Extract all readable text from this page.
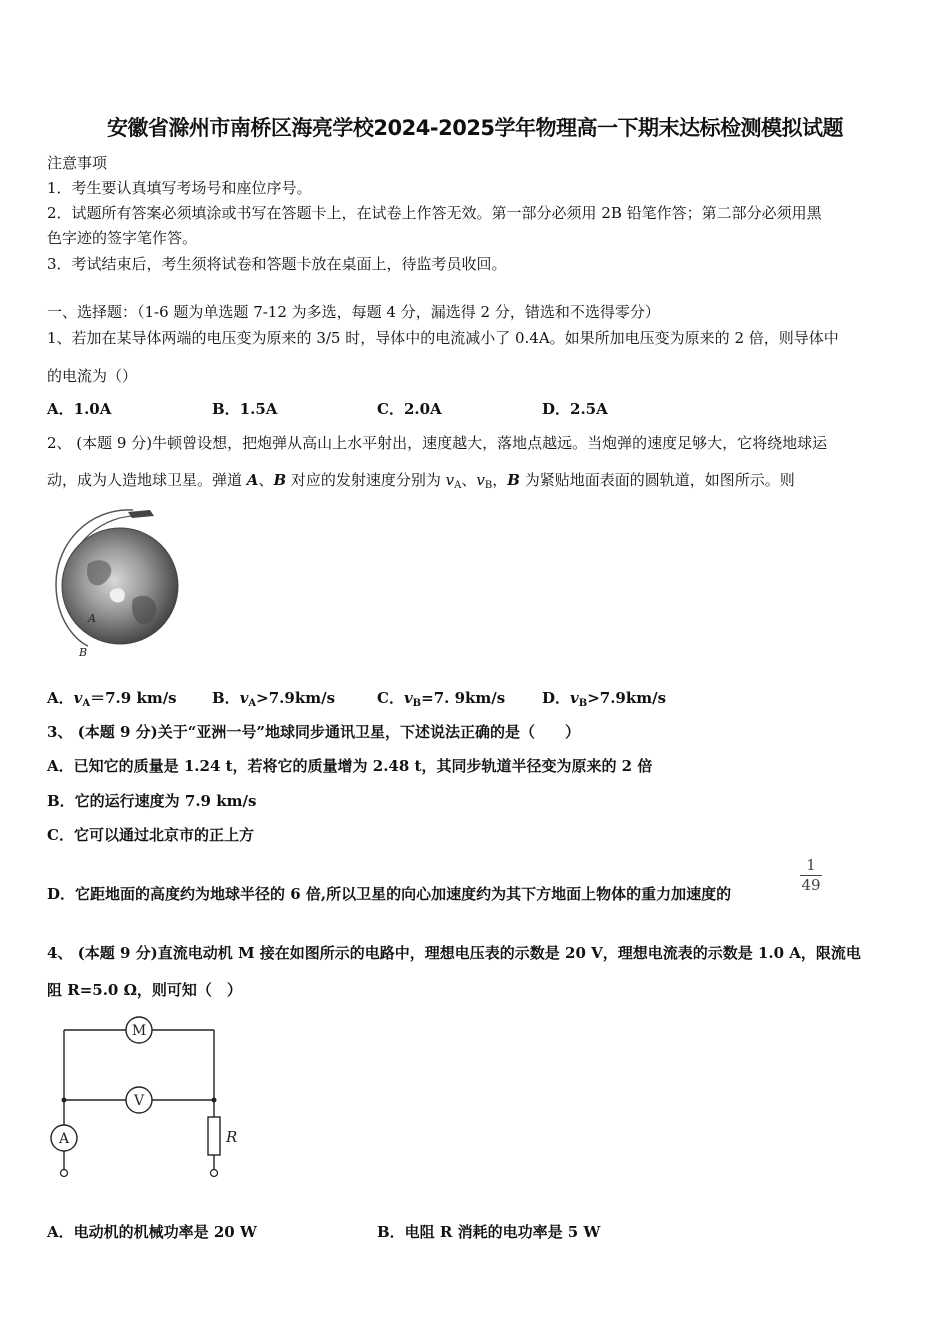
安徽省滁州市南桥区海亮学校2024-2025学年物理高一下期末达标检测模拟试题
注意事项
1．考生要认真填写考场号和座位序号。
2．试题所有答案必须填涂或书写在答题卡上，在试卷上作答无效。第一部分必须用 2B 铅笔作答；第二部分必须用黑
色字迹的签字笔作答。
3．考试结束后，考生须将试卷和答题卡放在桌面上，待监考员收回。
一、选择题：（1-6 题为单选题 7-12 为多选，每题 4 分，漏选得 2 分，错选和不选得零分）
1、若加在某导体两端的电压变为原来的 3/5 时，导体中的电流减小了 0.4A。如果所加电压变为原来的 2 倍，则导体中
的电流为（）
A．1.0A	B．1.5A	C．2.0A	D．2.5A
2、 (本题 9 分)牛顿曾设想，把炮弹从高山上水平射出，速度越大，落地点越远。当炮弹的速度足够大，它将绕地球运
动，成为人造地球卫星。弹道 A、B 对应的发射速度分别为 $v_A$、$v_B$，B 为紧贴地面表面的圆轨道，如图所示。则
A
B
A．$v_A=7.9$ km/s B．$v_A>7.9km/s$	C．$v_B=7$. 9km/s D．$v_B>7.9km/s$
3、 (本题 9 分)关于“亚洲一号”地球同步通讯卫星，下述说法正确的是（　　）
A．已知它的质量是 1.24 t，若将它的质量增为 2.48 t，其同步轨道半径变为原来的 2 倍
B．它的运行速度为 7.9 km/s
C．它可以通过北京市的正上方
D．它距地面的高度约为地球半径的 6 倍,所以卫星的向心加速度约为其下方地面上物体的重力加速度的	$\frac{1}{49}$
4、 (本题 9 分)直流电动机 M 接在如图所示的电路中，理想电压表的示数是 20 V，理想电流表的示数是 1.0 A，限流电
阻 R=5.0 Ω，则可知（　）
M
V
A	R
A．电动机的机械功率是 20 W	B．电阻 R 消耗的电功率是 5 W
